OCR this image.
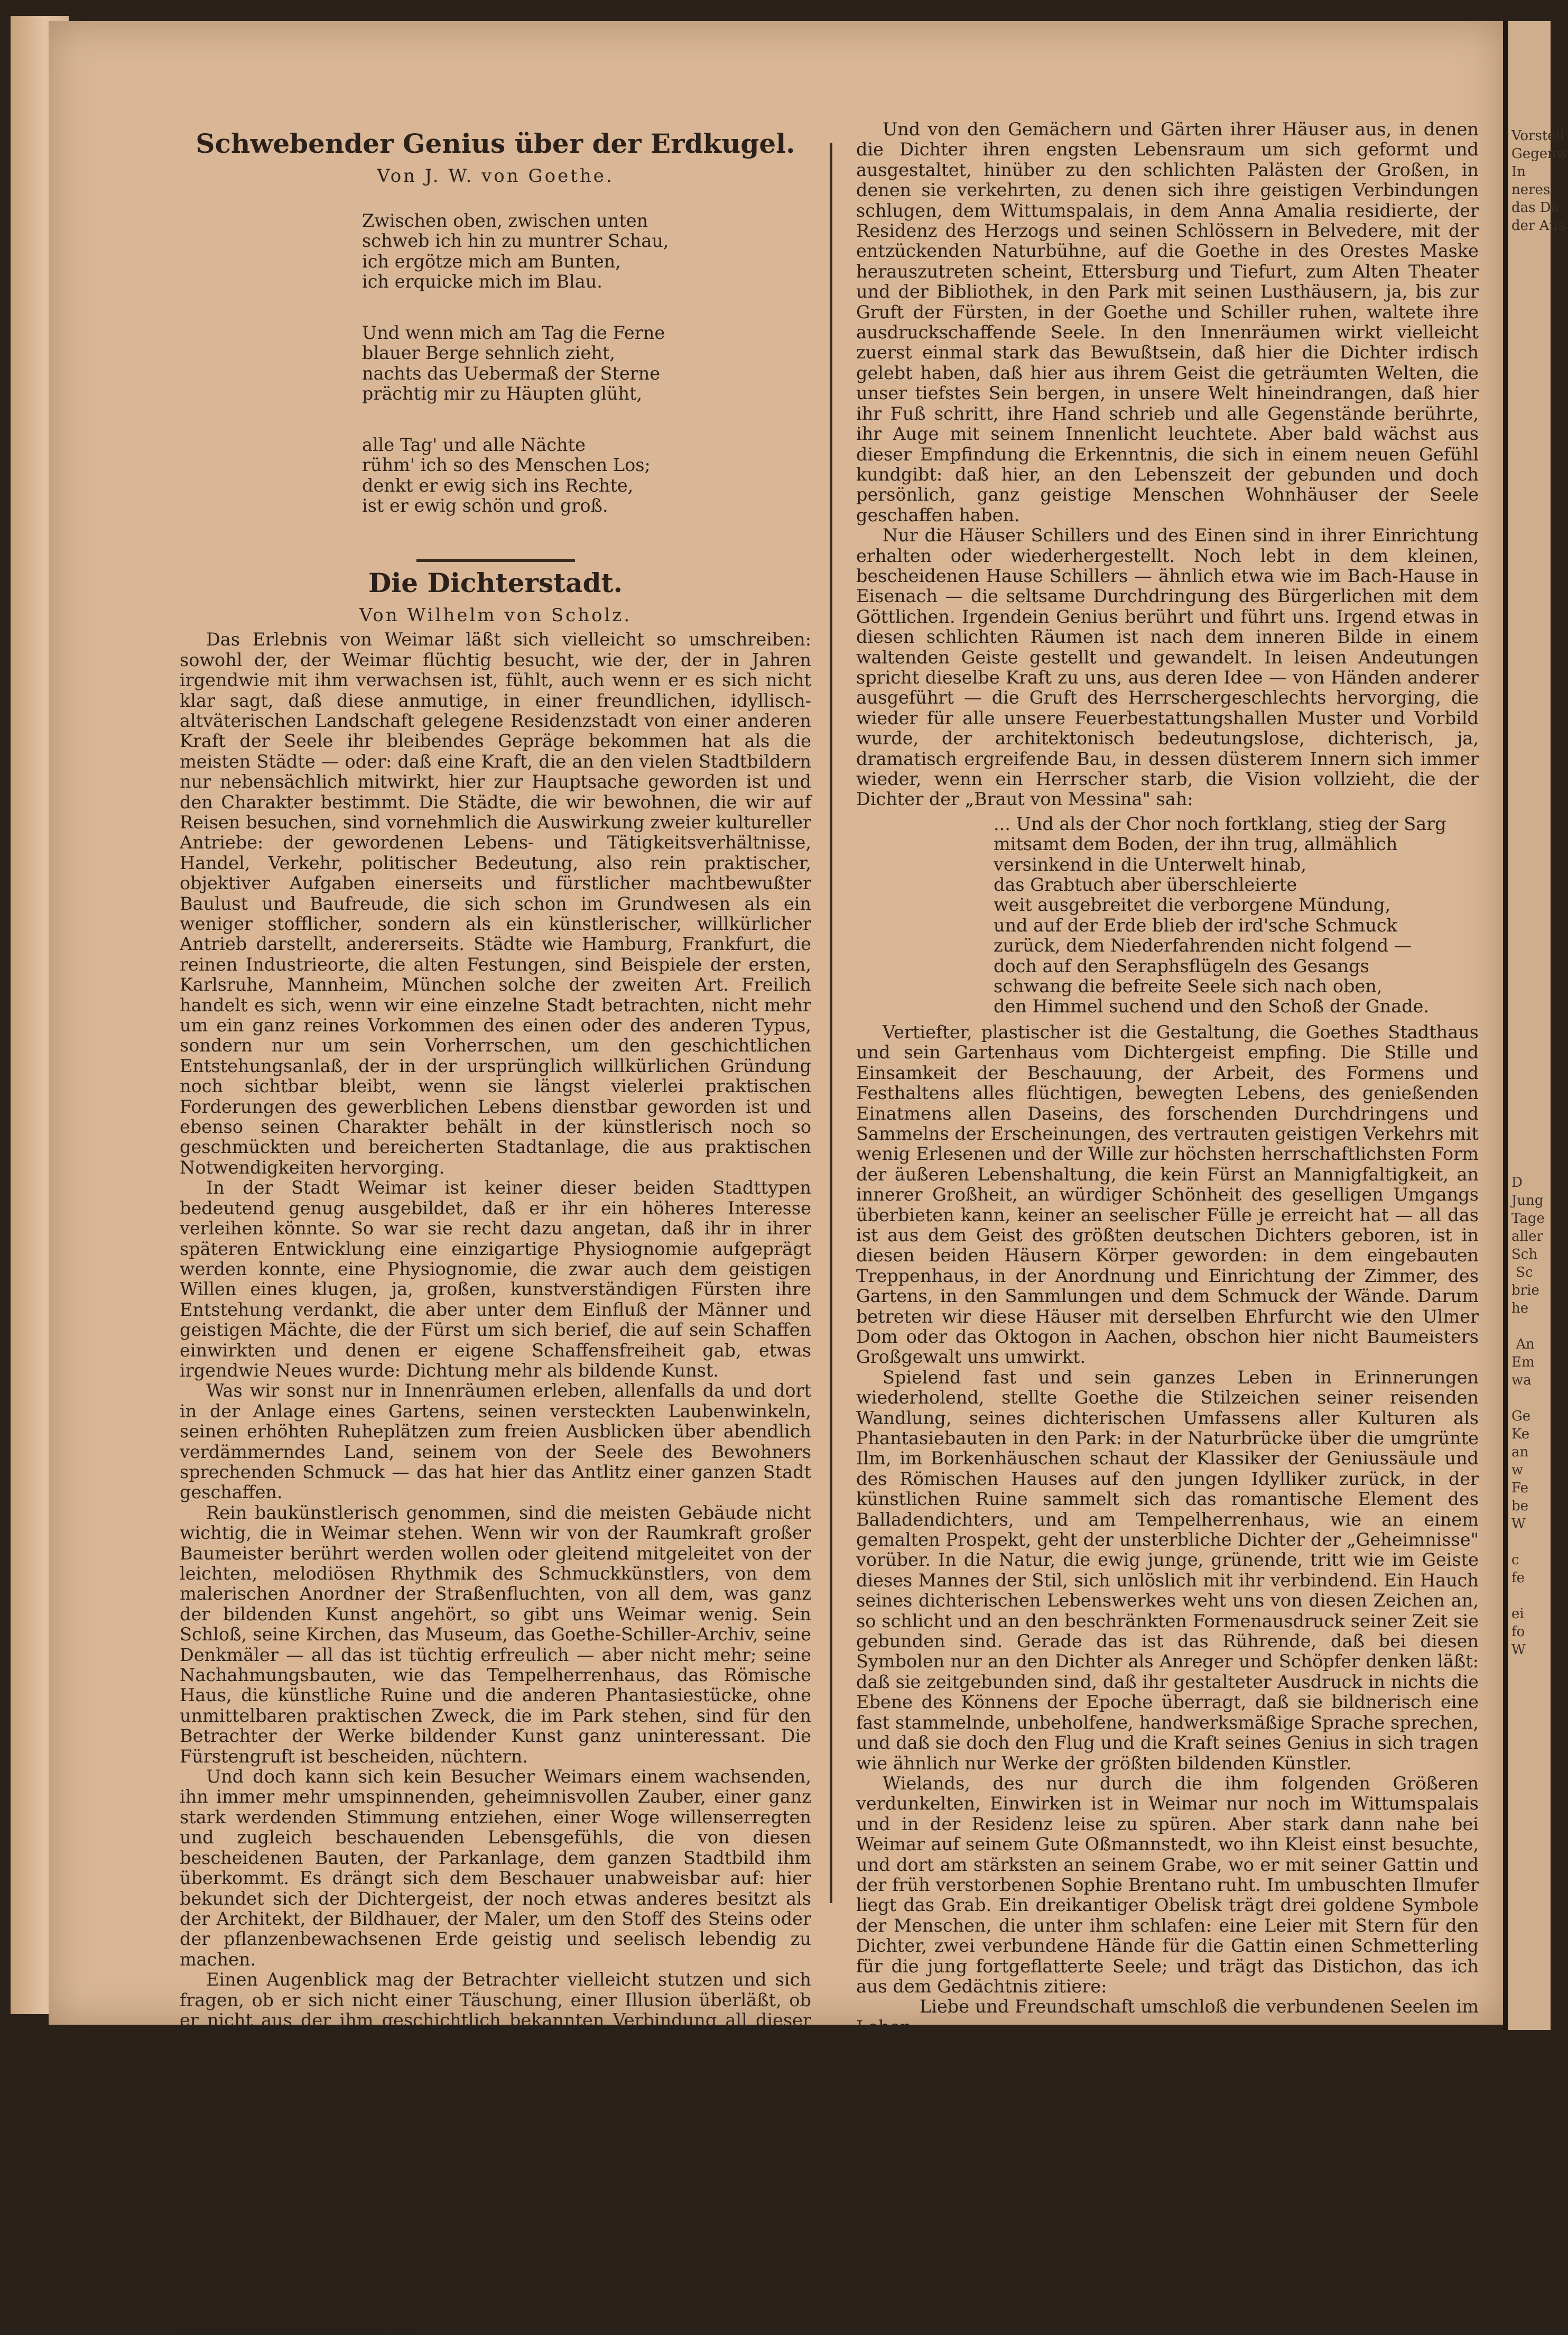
Vorstell
Gegenw
In
neres
das Da
der Aus
D
Jung
Tage
aller
Sch
Sc
brie
he

An
Em
wa

Ge
Ke
an
w
Fe
be
W

c
fe

ei
fo
W
Schwebender Genius über der Erdkugel.
Von J. W. von Goethe.

Zwischen oben, zwischen unten
schweb ich hin zu muntrer Schau,
ich ergötze mich am Bunten,
ich erquicke mich im Blau.

Und wenn mich am Tag die Ferne
blauer Berge sehnlich zieht,
nachts das Uebermaß der Sterne
prächtig mir zu Häupten glüht,

alle Tag' und alle Nächte
rühm' ich so des Menschen Los;
denkt er ewig sich ins Rechte,
ist er ewig schön und groß.

Die Dichterstadt.
Von Wilhelm von Scholz.

Das Erlebnis von Weimar läßt sich vielleicht so umschreiben: sowohl der, der Weimar flüchtig besucht, wie der, der in Jahren irgendwie mit ihm verwachsen ist, fühlt, auch wenn er es sich nicht klar sagt, daß diese anmutige, in einer freundlichen, idyllisch-altväterischen Landschaft gelegene Residenzstadt von einer anderen Kraft der Seele ihr bleibendes Gepräge bekommen hat als die meisten Städte — oder: daß eine Kraft, die an den vielen Stadtbildern nur nebensächlich mitwirkt, hier zur Hauptsache geworden ist und den Charakter bestimmt. Die Städte, die wir bewohnen, die wir auf Reisen besuchen, sind vornehmlich die Auswirkung zweier kultureller Antriebe: der gewordenen Lebens- und Tätigkeitsverhältnisse, Handel, Verkehr, politischer Bedeutung, also rein praktischer, objektiver Aufgaben einerseits und fürstlicher machtbewußter Baulust und Baufreude, die sich schon im Grundwesen als ein weniger stofflicher, sondern als ein künstlerischer, willkürlicher Antrieb darstellt, andererseits. Städte wie Hamburg, Frankfurt, die reinen Industrieorte, die alten Festungen, sind Beispiele der ersten, Karlsruhe, Mannheim, München solche der zweiten Art. Freilich handelt es sich, wenn wir eine einzelne Stadt betrachten, nicht mehr um ein ganz reines Vorkommen des einen oder des anderen Typus, sondern nur um sein Vorherrschen, um den geschichtlichen Entstehungsanlaß, der in der ursprünglich willkürlichen Gründung noch sichtbar bleibt, wenn sie längst vielerlei praktischen Forderungen des gewerblichen Lebens dienstbar geworden ist und ebenso seinen Charakter behält in der künstlerisch noch so geschmückten und bereicherten Stadtanlage, die aus praktischen Notwendigkeiten hervorging.

In der Stadt Weimar ist keiner dieser beiden Stadttypen bedeutend genug ausgebildet, daß er ihr ein höheres Interesse verleihen könnte. So war sie recht dazu angetan, daß ihr in ihrer späteren Entwicklung eine einzigartige Physiognomie aufgeprägt werden konnte, eine Physiognomie, die zwar auch dem geistigen Willen eines klugen, ja, großen, kunstverständigen Fürsten ihre Entstehung verdankt, die aber unter dem Einfluß der Männer und geistigen Mächte, die der Fürst um sich berief, die auf sein Schaffen einwirkten und denen er eigene Schaffensfreiheit gab, etwas irgendwie Neues wurde: Dichtung mehr als bildende Kunst.

Was wir sonst nur in Innenräumen erleben, allenfalls da und dort in der Anlage eines Gartens, seinen versteckten Laubenwinkeln, seinen erhöhten Ruheplätzen zum freien Ausblicken über abendlich verdämmerndes Land, seinem von der Seele des Bewohners sprechenden Schmuck — das hat hier das Antlitz einer ganzen Stadt geschaffen.

Rein baukünstlerisch genommen, sind die meisten Gebäude nicht wichtig, die in Weimar stehen. Wenn wir von der Raumkraft großer Baumeister berührt werden wollen oder gleitend mitgeleitet von der leichten, melodiösen Rhythmik des Schmuckkünstlers, von dem malerischen Anordner der Straßenfluchten, von all dem, was ganz der bildenden Kunst angehört, so gibt uns Weimar wenig. Sein Schloß, seine Kirchen, das Museum, das Goethe-Schiller-Archiv, seine Denkmäler — all das ist tüchtig erfreulich — aber nicht mehr; seine Nachahmungsbauten, wie das Tempelherrenhaus, das Römische Haus, die künstliche Ruine und die anderen Phantasiestücke, ohne unmittelbaren praktischen Zweck, die im Park stehen, sind für den Betrachter der Werke bildender Kunst ganz uninteressant. Die Fürstengruft ist bescheiden, nüchtern.

Und doch kann sich kein Besucher Weimars einem wachsenden, ihn immer mehr umspinnenden, geheimnisvollen Zauber, einer ganz stark werdenden Stimmung entziehen, einer Woge willenserregten und zugleich beschauenden Lebensgefühls, die von diesen bescheidenen Bauten, der Parkanlage, dem ganzen Stadtbild ihm überkommt. Es drängt sich dem Beschauer unabweisbar auf: hier bekundet sich der Dichtergeist, der noch etwas anderes besitzt als der Architekt, der Bildhauer, der Maler, um den Stoff des Steins oder der pflanzenbewachsenen Erde geistig und seelisch lebendig zu machen.

Einen Augenblick mag der Betrachter vielleicht stutzen und sich fragen, ob er sich nicht einer Täuschung, einer Illusion überläßt, ob er nicht aus der ihm geschichtlich bekannten Verbindung all dieser Dinge mit den großen Dichtern, vor allem dem einen, diese Stimmung, diesen Zauber nur in die Stadt hineinlegt. Aber er mag sich beruhigt an ihr fortfreuen: ihn beseelt zuverlässig nicht die unklar-romantische Empfindung, die nur aus der geschichtlichen Tatsache schöpft, daß hier die großen Dichter gelebt haben, daß sie mit diesen Bauten und Anlagen für immer verbunden sind — sondern diese Gebäude, diese wohlerhaltenen Ueberreste eines im Stoff ausgedrückten geistigen Lebens sprechen selbst mit der Seele der Dichter, die auf ihre Entstehung einwirkten. Wir haben es hier damit zu tun, daß der Dichtergeist, der mit seinem unendlichen Ausdrucksvermögen sich im allgemeinen fast stofflos in Schriftzeichen mitteilt, einmal spielend und lebendig in der Stofflichkeit sichtbarer Anlagen hervortritt, sie schaffend durchseelt und aus ihnen auf uns zuströmt wie ein Quellrunnen auf seiner gemeißelten Umrahmung.

Und von den Gemächern und Gärten ihrer Häuser aus, in denen die Dichter ihren engsten Lebensraum um sich geformt und ausgestaltet, hinüber zu den schlichten Palästen der Großen, in denen sie verkehrten, zu denen sich ihre geistigen Verbindungen schlugen, dem Wittumspalais, in dem Anna Amalia residierte, der Residenz des Herzogs und seinen Schlössern in Belvedere, mit der entzückenden Naturbühne, auf die Goethe in des Orestes Maske herauszutreten scheint, Ettersburg und Tiefurt, zum Alten Theater und der Bibliothek, in den Park mit seinen Lusthäusern, ja, bis zur Gruft der Fürsten, in der Goethe und Schiller ruhen, waltete ihre ausdruckschaffende Seele. In den Innenräumen wirkt vielleicht zuerst einmal stark das Bewußtsein, daß hier die Dichter irdisch gelebt haben, daß hier aus ihrem Geist die geträumten Welten, die unser tiefstes Sein bergen, in unsere Welt hineindrangen, daß hier ihr Fuß schritt, ihre Hand schrieb und alle Gegenstände berührte, ihr Auge mit seinem Innenlicht leuchtete. Aber bald wächst aus dieser Empfindung die Erkenntnis, die sich in einem neuen Gefühl kundgibt: daß hier, an den Lebenszeit der gebunden und doch persönlich, ganz geistige Menschen Wohnhäuser der Seele geschaffen haben.

Nur die Häuser Schillers und des Einen sind in ihrer Einrichtung erhalten oder wiederhergestellt. Noch lebt in dem kleinen, bescheidenen Hause Schillers — ähnlich etwa wie im Bach-Hause in Eisenach — die seltsame Durchdringung des Bürgerlichen mit dem Göttlichen. Irgendein Genius berührt und führt uns. Irgend etwas in diesen schlichten Räumen ist nach dem inneren Bilde in einem waltenden Geiste gestellt und gewandelt. In leisen Andeutungen spricht dieselbe Kraft zu uns, aus deren Idee — von Händen anderer ausgeführt — die Gruft des Herrschergeschlechts hervorging, die wieder für alle unsere Feuerbestattungshallen Muster und Vorbild wurde, der architektonisch bedeutungslose, dichterisch, ja, dramatisch ergreifende Bau, in dessen düsterem Innern sich immer wieder, wenn ein Herrscher starb, die Vision vollzieht, die der Dichter der „Braut von Messina" sah:

... Und als der Chor noch fortklang, stieg der Sarg
mitsamt dem Boden, der ihn trug, allmählich
versinkend in die Unterwelt hinab,
das Grabtuch aber überschleierte
weit ausgebreitet die verborgene Mündung,
und auf der Erde blieb der ird'sche Schmuck
zurück, dem Niederfahrenden nicht folgend —
doch auf den Seraphsflügeln des Gesangs
schwang die befreite Seele sich nach oben,
den Himmel suchend und den Schoß der Gnade.

Vertiefter, plastischer ist die Gestaltung, die Goethes Stadthaus und sein Gartenhaus vom Dichtergeist empfing. Die Stille und Einsamkeit der Beschauung, der Arbeit, des Formens und Festhaltens alles flüchtigen, bewegten Lebens, des genießenden Einatmens allen Daseins, des forschenden Durchdringens und Sammelns der Erscheinungen, des vertrauten geistigen Verkehrs mit wenig Erlesenen und der Wille zur höchsten herrschaftlichsten Form der äußeren Lebenshaltung, die kein Fürst an Mannigfaltigkeit, an innerer Großheit, an würdiger Schönheit des geselligen Umgangs überbieten kann, keiner an seelischer Fülle je erreicht hat — all das ist aus dem Geist des größten deutschen Dichters geboren, ist in diesen beiden Häusern Körper geworden: in dem eingebauten Treppenhaus, in der Anordnung und Einrichtung der Zimmer, des Gartens, in den Sammlungen und dem Schmuck der Wände. Darum betreten wir diese Häuser mit derselben Ehrfurcht wie den Ulmer Dom oder das Oktogon in Aachen, obschon hier nicht Baumeisters Großgewalt uns umwirkt.

Spielend fast und sein ganzes Leben in Erinnerungen wiederholend, stellte Goethe die Stilzeichen seiner reisenden Wandlung, seines dichterischen Umfassens aller Kulturen als Phantasiebauten in den Park: in der Naturbrücke über die umgrünte Ilm, im Borkenhäuschen schaut der Klassiker der Geniussäule und des Römischen Hauses auf den jungen Idylliker zurück, in der künstlichen Ruine sammelt sich das romantische Element des Balladendichters, und am Tempelherrenhaus, wie an einem gemalten Prospekt, geht der unsterbliche Dichter der „Geheimnisse" vorüber. In die Natur, die ewig junge, grünende, tritt wie im Geiste dieses Mannes der Stil, sich unlöslich mit ihr verbindend. Ein Hauch seines dichterischen Lebenswerkes weht uns von diesen Zeichen an, so schlicht und an den beschränkten Formenausdruck seiner Zeit sie gebunden sind. Gerade das ist das Rührende, daß bei diesen Symbolen nur an den Dichter als Anreger und Schöpfer denken läßt: daß sie zeitgebunden sind, daß ihr gestalteter Ausdruck in nichts die Ebene des Könnens der Epoche überragt, daß sie bildnerisch eine fast stammelnde, unbeholfene, handwerksmäßige Sprache sprechen, und daß sie doch den Flug und die Kraft seines Genius in sich tragen wie ähnlich nur Werke der größten bildenden Künstler.

Wielands, des nur durch die ihm folgenden Größeren verdunkelten, Einwirken ist in Weimar nur noch im Wittumspalais und in der Residenz leise zu spüren. Aber stark dann nahe bei Weimar auf seinem Gute Oßmannstedt, wo ihn Kleist einst besuchte, und dort am stärksten an seinem Grabe, wo er mit seiner Gattin und der früh verstorbenen Sophie Brentano ruht. Im umbuschten Ilmufer liegt das Grab. Ein dreikantiger Obelisk trägt drei goldene Symbole der Menschen, die unter ihm schlafen: eine Leier mit Stern für den Dichter, zwei verbundene Hände für die Gattin einen Schmetterling für die jung fortgeflatterte Seele; und trägt das Distichon, das ich aus dem Gedächtnis zitiere:

Liebe und Freundschaft umschloß die verbundenen Seelen im Leben

Und ihr Vergängliches deckt dieser gemeinsame Stein.

Vor diesem Grabmal, im grünen Dunkel des Laubes, das vom Rauschen und Spülen des Flüßchens durchhallt wird, stehen die betrachtenden Stunden bei uns, in denen der alte, aus religiöser Schwärmerei zum heiteren Anakreontiker, aus fabelndem Liebesübermut zum bürgerlichen Hausvater gewordene Wieland an das Sterben und die idyllische Ruhe langen Totseins und körperlichen Geliebtseins von den Nachkommenden dachte; steht er selbst, wie er aus dieser tief und wehmütig genossenen
